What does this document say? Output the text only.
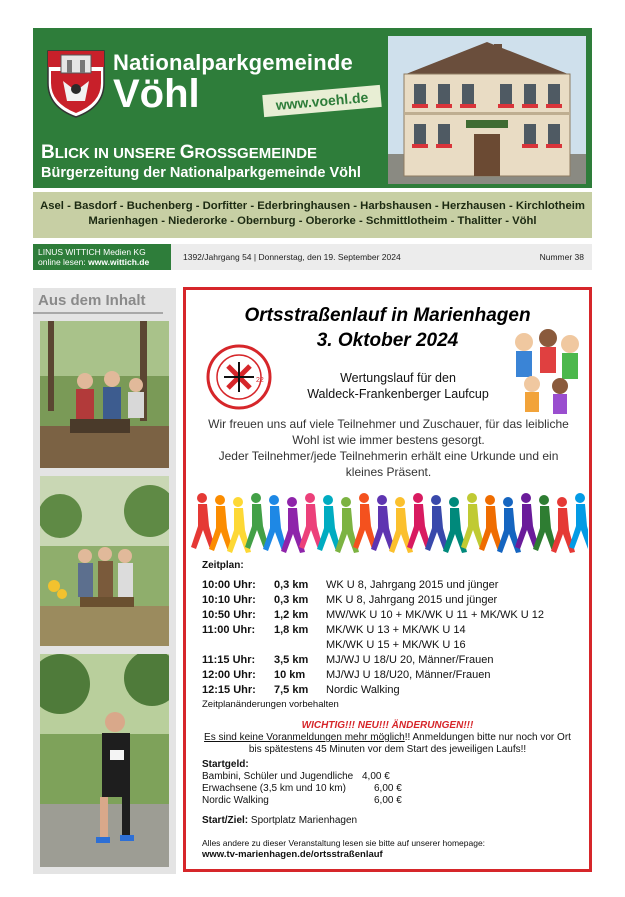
Nationalparkgemeinde
Vöhl	www.voehl.de
BLICK IN UNSERE GROSSGEMEINDE
Bürgerzeitung der Nationalparkgemeinde Vöhl
Asel - Basdorf - Buchenberg - Dorfitter - Ederbringhausen - Harbshausen - Herzhausen - Kirchlotheim
Marienhagen - Niederorke - Obernburg - Oberorke - Schmittlotheim - Thalitter - Vöhl
LINUS WITTICH Medien KG
online lesen: www.wittich.de	1392/Jahrgang 54 | Donnerstag, den 19. September 2024	Nummer 38
Aus dem Inhalt
Ortsstraßenlauf in Marienhagen
3. Oktober 2024
22	Wertungslauf für den
Waldeck-Frankenberger Laufcup
Wir freuen uns auf viele Teilnehmer und Zuschauer, für das leibliche
Wohl ist wie immer bestens gesorgt.
Jeder Teilnehmer/jede Teilnehmerin erhält eine Urkunde und ein
kleines Präsent.
Zeitplan:
10:00 Uhr:	0,3 km	WK U 8, Jahrgang 2015 und jünger
10:10 Uhr:	0,3 km	MK U 8, Jahrgang 2015 und jünger
10:50 Uhr:	1,2 km	MW/WK U 10 + MK/WK U 11 + MK/WK U 12
11:00 Uhr:	1,8 km	MK/WK U 13 + MK/WK U 14
MK/WK U 15 + MK/WK U 16
11:15 Uhr:	3,5 km	MJ/WJ U 18/U 20, Männer/Frauen
12:00 Uhr:	10 km	MJ/WJ U 18/U20, Männer/Frauen
12:15 Uhr:	7,5 km	Nordic Walking
Zeitplanänderungen vorbehalten
WICHTIG!!! NEU!!! ÄNDERUNGEN!!!
Es sind keine Voranmeldungen mehr möglich!! Anmeldungen bitte nur noch vor Ort
bis spätestens 45 Minuten vor dem Start des jeweiligen Laufs!!
Startgeld:
Bambini, Schüler und Jugendliche 4,00 €
Erwachsene (3,5 km und 10 km)	6,00 €
Nordic Walking	6,00 €
Start/Ziel: Sportplatz Marienhagen
Alles andere zu dieser Veranstaltung lesen sie bitte auf unserer homepage:
www.tv-marienhagen.de/ortsstraßenlauf
